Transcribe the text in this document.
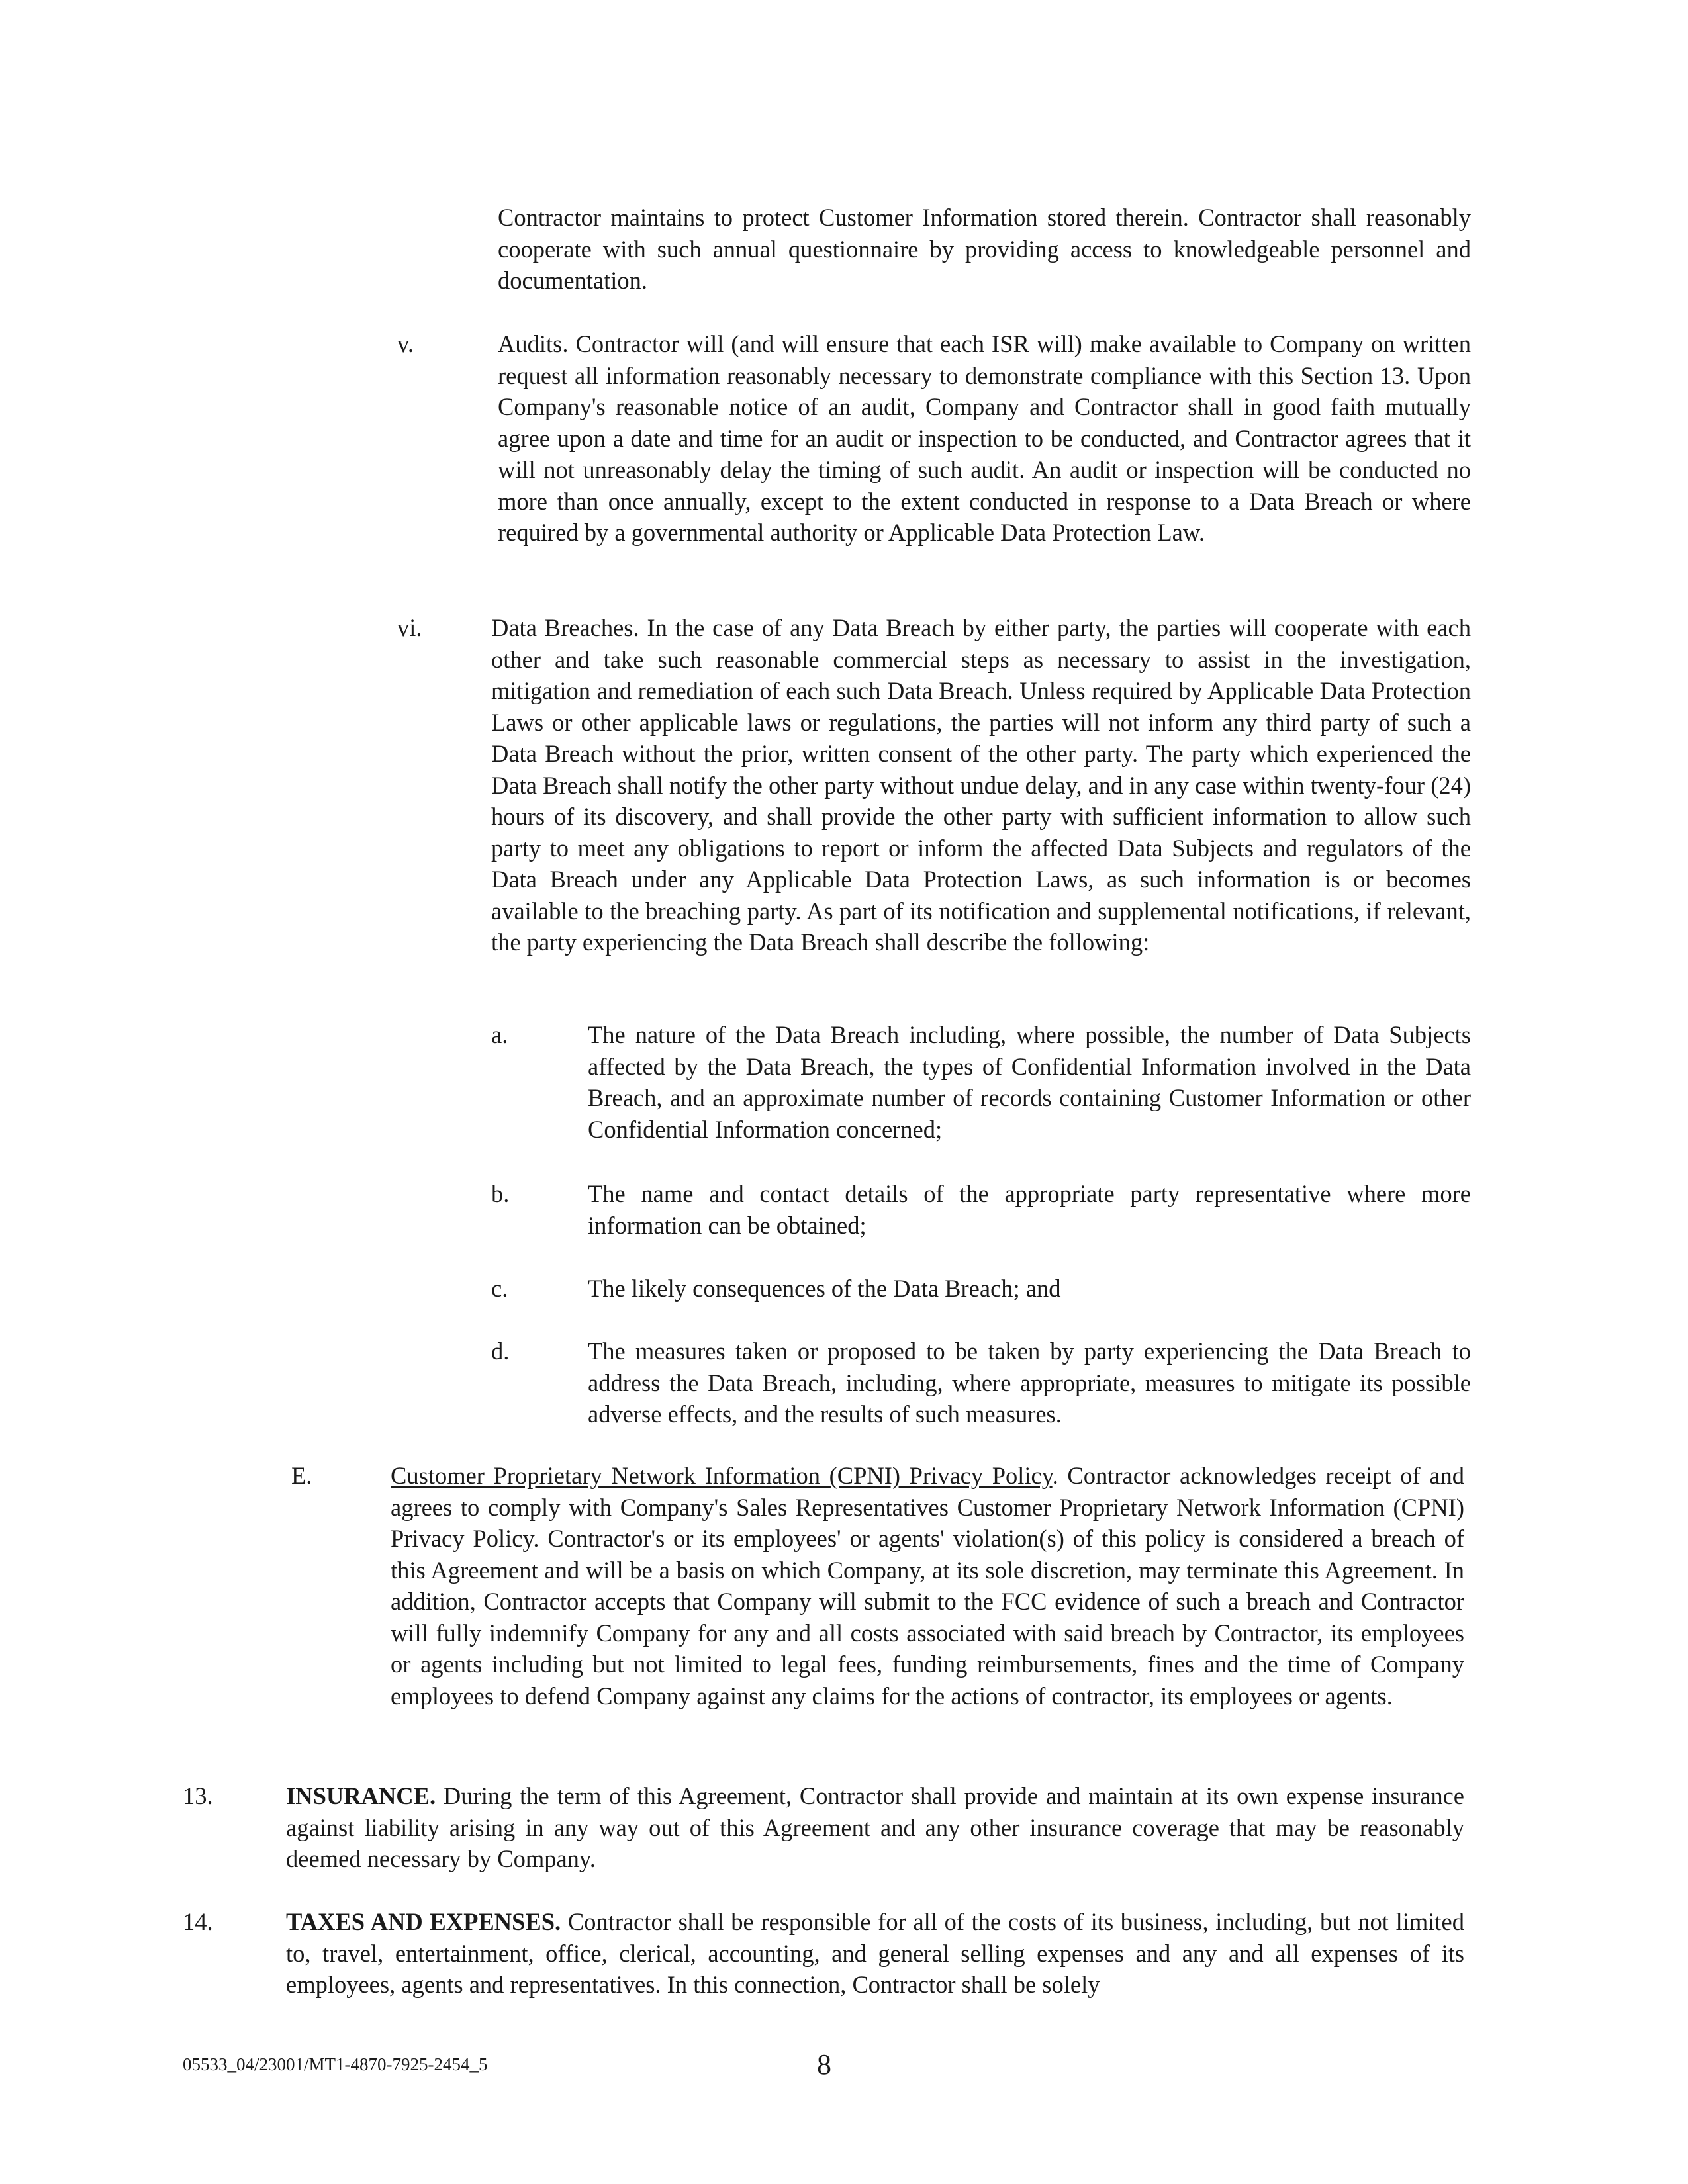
Contractor maintains to protect Customer Information stored therein. Contractor shall reasonably cooperate with such annual questionnaire by providing access to knowledgeable personnel and documentation.

v.	Audits. Contractor will (and will ensure that each ISR will) make available to Company on written request all information reasonably necessary to demonstrate compliance with this Section 13. Upon Company's reasonable notice of an audit, Company and Contractor shall in good faith mutually agree upon a date and time for an audit or inspection to be conducted, and Contractor agrees that it will not unreasonably delay the timing of such audit. An audit or inspection will be conducted no more than once annually, except to the extent conducted in response to a Data Breach or where required by a governmental authority or Applicable Data Protection Law.

vi.	Data Breaches. In the case of any Data Breach by either party, the parties will cooperate with each other and take such reasonable commercial steps as necessary to assist in the investigation, mitigation and remediation of each such Data Breach. Unless required by Applicable Data Protection Laws or other applicable laws or regulations, the parties will not inform any third party of such a Data Breach without the prior, written consent of the other party. The party which experienced the Data Breach shall notify the other party without undue delay, and in any case within twenty-four (24) hours of its discovery, and shall provide the other party with sufficient information to allow such party to meet any obligations to report or inform the affected Data Subjects and regulators of the Data Breach under any Applicable Data Protection Laws, as such information is or becomes available to the breaching party. As part of its notification and supplemental notifications, if relevant, the party experiencing the Data Breach shall describe the following:

a.	The nature of the Data Breach including, where possible, the number of Data Subjects affected by the Data Breach, the types of Confidential Information involved in the Data Breach, and an approximate number of records containing Customer Information or other Confidential Information concerned;

b.	The name and contact details of the appropriate party representative where more information can be obtained;

c.	The likely consequences of the Data Breach; and

d.	The measures taken or proposed to be taken by party experiencing the Data Breach to address the Data Breach, including, where appropriate, measures to mitigate its possible adverse effects, and the results of such measures.

E.	Customer Proprietary Network Information (CPNI) Privacy Policy. Contractor acknowledges receipt of and agrees to comply with Company's Sales Representatives Customer Proprietary Network Information (CPNI) Privacy Policy. Contractor's or its employees' or agents' violation(s) of this policy is considered a breach of this Agreement and will be a basis on which Company, at its sole discretion, may terminate this Agreement. In addition, Contractor accepts that Company will submit to the FCC evidence of such a breach and Contractor will fully indemnify Company for any and all costs associated with said breach by Contractor, its employees or agents including but not limited to legal fees, funding reimbursements, fines and the time of Company employees to defend Company against any claims for the actions of contractor, its employees or agents.

13.	INSURANCE. During the term of this Agreement, Contractor shall provide and maintain at its own expense insurance against liability arising in any way out of this Agreement and any other insurance coverage that may be reasonably deemed necessary by Company.

14.	TAXES AND EXPENSES. Contractor shall be responsible for all of the costs of its business, including, but not limited to, travel, entertainment, office, clerical, accounting, and general selling expenses and any and all expenses of its employees, agents and representatives. In this connection, Contractor shall be solely

05533_04/23001/MT1-4870-7925-2454_5	8
